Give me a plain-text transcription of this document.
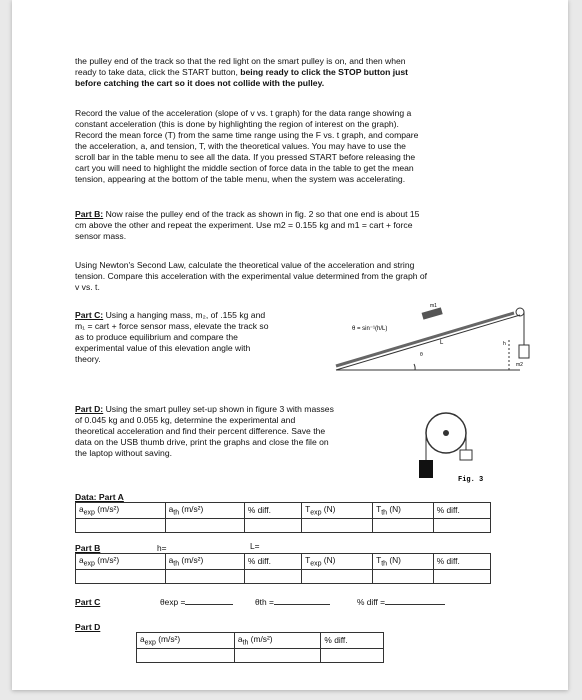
the pulley end of the track so that the red light on the smart pulley is on, and then when
ready to take data, click the START button, being ready to click the STOP button just
before catching the cart so it does not collide with the pulley.
Record the value of the acceleration (slope of v vs. t graph) for the data range showing a
constant acceleration (this is done by highlighting the region of interest on the graph).
Record the mean force (T) from the same time range using the F vs. t graph, and compare
the acceleration, a, and tension, T, with the theoretical values. You may have to use the
scroll bar in the table menu to see all the data. If you pressed START before releasing the
cart you will need to highlight the middle section of force data in the table to get the mean
tension, appearing at the bottom of the table menu, when the system was accelerating.
Part B: Now raise the pulley end of the track as shown in fig. 2 so that one end is about 15
cm above the other and repeat the experiment. Use m2 = 0.155 kg and m1 = cart + force
sensor mass.
Using Newton's Second Law, calculate the theoretical value of the acceleration and string
tension. Compare this acceleration with the experimental value determined from the graph of
v vs. t.
Part C: Using a hanging mass, m₂, of .155 kg and
m₁ = cart + force sensor mass, elevate the track so
as to produce equilibrium and compare the
experimental value of this elevation angle with
theory.
θ = sin⁻¹(h/L)
m1
L	h
θ
m2
Part D: Using the smart pulley set-up shown in figure 3 with masses
of 0.045 kg and 0.055 kg, determine the experimental and
theoretical acceleration and find their percent difference. Save the
data on the USB thumb drive, print the graphs and close the file on
the laptop without saving.
Fig. 3
Data: Part A
$a_{exp}$ (m/s²)	$a_{th}$ (m/s²)	% diff.	$T_{exp}$ (N)	$T_{th}$ (N)	% diff.

Part B	h=	L=
$a_{exp}$ (m/s²)	$a_{th}$ (m/s²)	% diff.	$T_{exp}$ (N)	$T_{th}$ (N)	% diff.

Part C	θexp =	θth =	% diff =
Part D
$a_{exp}$ (m/s²)	$a_{th}$ (m/s²)	% diff.
